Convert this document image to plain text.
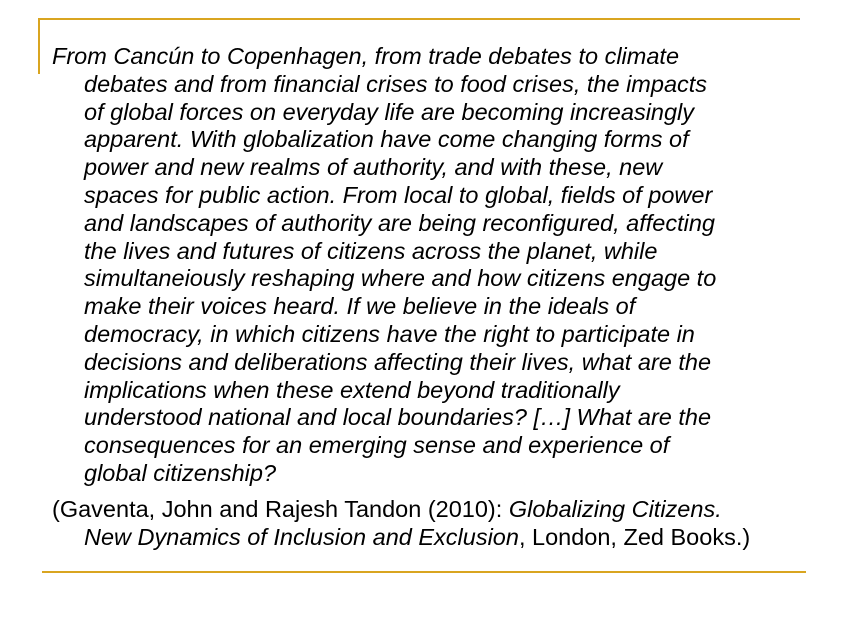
From Cancún to Copenhagen, from trade debates to climate
debates and from financial crises to food crises, the impacts
of global forces on everyday life are becoming increasingly
apparent. With globalization have come changing forms of
power and new realms of authority, and with these, new
spaces for public action. From local to global, fields of power
and landscapes of authority are being reconfigured, affecting
the lives and futures of citizens across the planet, while
simultaneiously reshaping where and how citizens engage to
make their voices heard. If we believe in the ideals of
democracy, in which citizens have the right to participate in
decisions and deliberations affecting their lives, what are the
implications when these extend beyond traditionally
understood national and local boundaries? […] What are the
consequences for an emerging sense and experience of
global citizenship?
(Gaventa, John and Rajesh Tandon (2010): Globalizing Citizens.
New Dynamics of Inclusion and Exclusion, London, Zed Books.)
